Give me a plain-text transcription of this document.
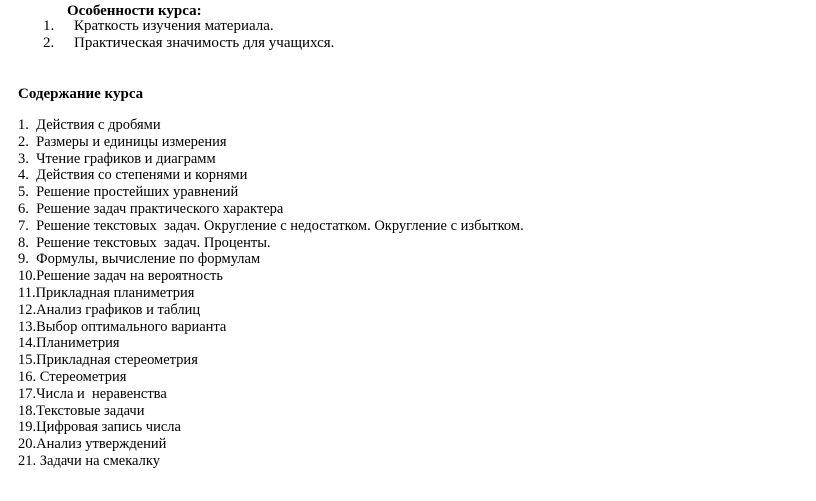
Особенности курса:
1. Краткость изучения материала.
2. Практическая значимость для учащихся.
Содержание курса
1.  Действия с дробями
2.  Размеры и единицы измерения
3.  Чтение графиков и диаграмм
4.  Действия со степенями и корнями
5.  Решение простейших уравнений
6.  Решение задач практического характера
7.  Решение текстовых  задач. Округление с недостатком. Округление с избытком.
8.  Решение текстовых  задач. Проценты.
9.  Формулы, вычисление по формулам
10.Решение задач на вероятность
11.Прикладная планиметрия
12.Анализ графиков и таблиц
13.Выбор оптимального варианта
14.Планиметрия
15.Прикладная стереометрия
16. Стереометрия
17.Числа и  неравенства
18.Текстовые задачи
19.Цифровая запись числа
20.Анализ утверждений
21. Задачи на смекалку
